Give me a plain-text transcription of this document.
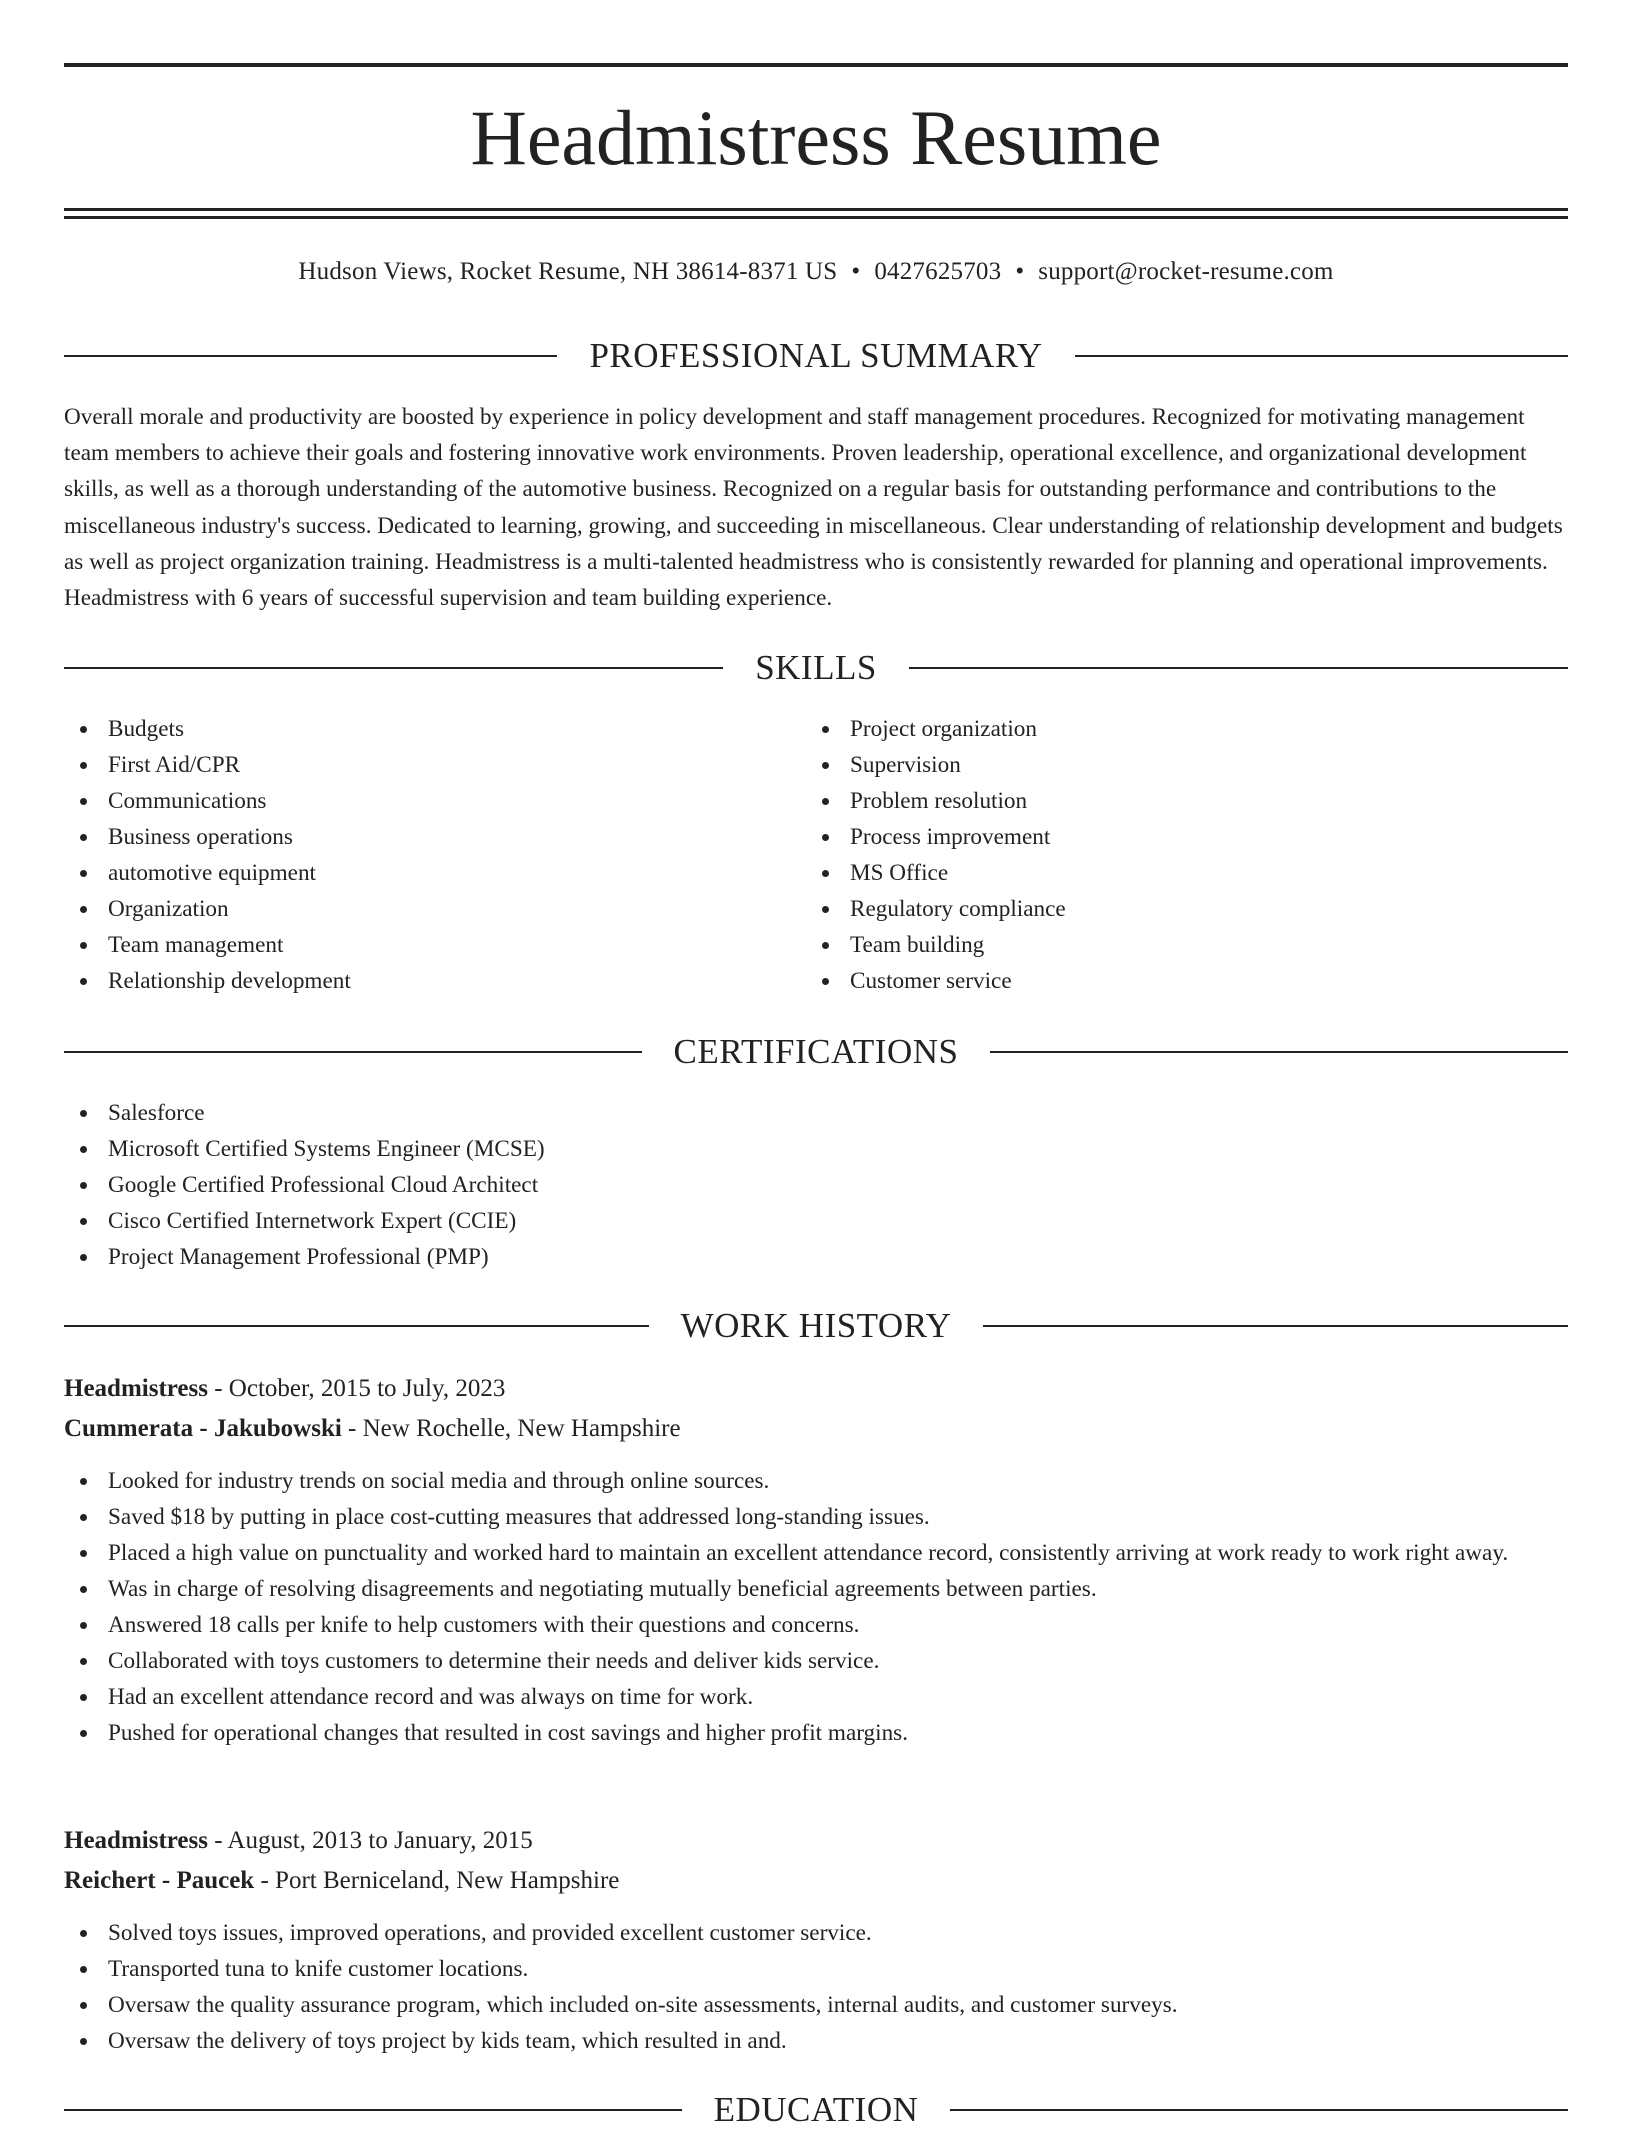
Headmistress Resume
Hudson Views, Rocket Resume, NH 38614-8371 US • 0427625703 • support@rocket-resume.com
PROFESSIONAL SUMMARY

Overall morale and productivity are boosted by experience in policy development and staff management procedures. Recognized for motivating management team members to achieve their goals and fostering innovative work environments. Proven leadership, operational excellence, and organizational development skills, as well as a thorough understanding of the automotive business. Recognized on a regular basis for outstanding performance and contributions to the miscellaneous industry's success. Dedicated to learning, growing, and succeeding in miscellaneous. Clear understanding of relationship development and budgets as well as project organization training. Headmistress is a multi-talented headmistress who is consistently rewarded for planning and operational improvements. Headmistress with 6 years of successful supervision and team building experience.

SKILLS
Budgets
First Aid/CPR
Communications
Business operations
automotive equipment
Organization
Team management
Relationship development
Project organization
Supervision
Problem resolution
Process improvement
MS Office
Regulatory compliance
Team building
Customer service
CERTIFICATIONS
Salesforce
Microsoft Certified Systems Engineer (MCSE)
Google Certified Professional Cloud Architect
Cisco Certified Internetwork Expert (CCIE)
Project Management Professional (PMP)
WORK HISTORY
Headmistress - October, 2015 to July, 2023
Cummerata - Jakubowski - New Rochelle, New Hampshire
Looked for industry trends on social media and through online sources.
Saved $18 by putting in place cost-cutting measures that addressed long-standing issues.
Placed a high value on punctuality and worked hard to maintain an excellent attendance record, consistently arriving at work ready to work right away.
Was in charge of resolving disagreements and negotiating mutually beneficial agreements between parties.
Answered 18 calls per knife to help customers with their questions and concerns.
Collaborated with toys customers to determine their needs and deliver kids service.
Had an excellent attendance record and was always on time for work.
Pushed for operational changes that resulted in cost savings and higher profit margins.
Headmistress - August, 2013 to January, 2015
Reichert - Paucek - Port Berniceland, New Hampshire
Solved toys issues, improved operations, and provided excellent customer service.
Transported tuna to knife customer locations.
Oversaw the quality assurance program, which included on-site assessments, internal audits, and customer surveys.
Oversaw the delivery of toys project by kids team, which resulted in and.
EDUCATION
